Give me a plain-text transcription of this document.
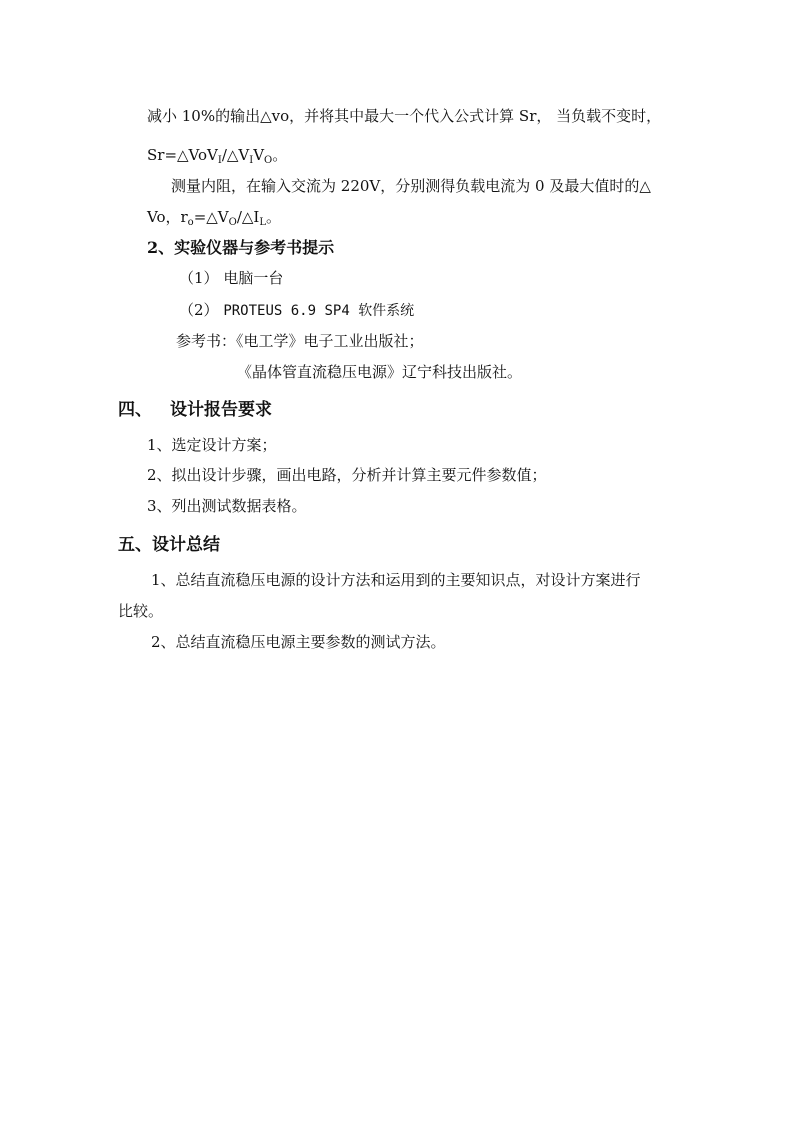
减小 10%的输出△vo，并将其中最大一个代入公式计算 Sr， 当负载不变时，
$Sr=\triangle VoV_I/\triangle V_IV_O$。
测量内阻，在输入交流为 220V，分别测得负载电流为 0 及最大值时的△
Vo，$r_o=\triangle V_O/\triangle I_L$。
2、实验仪器与参考书提示
（1） 电脑一台
（2） PROTEUS 6.9 SP4 软件系统
参考书：《电工学》电子工业出版社；
《晶体管直流稳压电源》辽宁科技出版社。
四、 设计报告要求
1、选定设计方案；
2、拟出设计步骤，画出电路，分析并计算主要元件参数值；
3、列出测试数据表格。
五、设计总结
1、总结直流稳压电源的设计方法和运用到的主要知识点，对设计方案进行
比较。
2、总结直流稳压电源主要参数的测试方法。
